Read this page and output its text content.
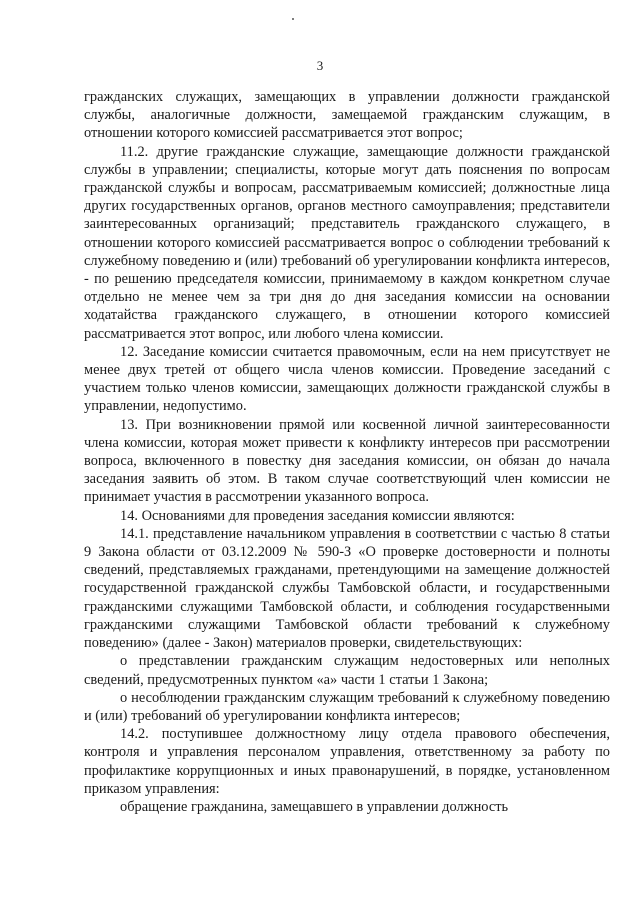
3

гражданских служащих, замещающих в управлении должности гражданской службы, аналогичные должности, замещаемой гражданским служащим, в отношении которого комиссией рассматривается этот вопрос;

11.2. другие гражданские служащие, замещающие должности гражданской службы в управлении; специалисты, которые могут дать пояснения по вопросам гражданской службы и вопросам, рассматриваемым комиссией; должностные лица других государственных органов, органов местного самоуправления; представители заинтересованных организаций; представитель гражданского служащего, в отношении которого комиссией рассматривается вопрос о соблюдении требований к служебному поведению и (или) требований об урегулировании конфликта интересов, - по решению председателя комиссии, принимаемому в каждом конкретном случае отдельно не менее чем за три дня до дня заседания комиссии на основании ходатайства гражданского служащего, в отношении которого комиссией рассматривается этот вопрос, или любого члена комиссии.

12. Заседание комиссии считается правомочным, если на нем присутствует не менее двух третей от общего числа членов комиссии. Проведение заседаний с участием только членов комиссии, замещающих должности гражданской службы в управлении, недопустимо.

13. При возникновении прямой или косвенной личной заинтересованности члена комиссии, которая может привести к конфликту интересов при рассмотрении вопроса, включенного в повестку дня заседания комиссии, он обязан до начала заседания заявить об этом. В таком случае соответствующий член комиссии не принимает участия в рассмотрении указанного вопроса.

14. Основаниями для проведения заседания комиссии являются:

14.1. представление начальником управления в соответствии с частью 8 статьи 9 Закона области от 03.12.2009 № 590-З «О проверке достоверности и полноты сведений, представляемых гражданами, претендующими на замещение должностей государственной гражданской службы Тамбовской области, и государственными гражданскими служащими Тамбовской области, и соблюдения государственными гражданскими служащими Тамбовской области требований к служебному поведению» (далее - Закон) материалов проверки, свидетельствующих:

о представлении гражданским служащим недостоверных или неполных сведений, предусмотренных пунктом «а» части 1 статьи 1 Закона;

о несоблюдении гражданским служащим требований к служебному поведению и (или) требований об урегулировании конфликта интересов;

14.2. поступившее должностному лицу отдела правового обеспечения, контроля и управления персоналом управления, ответственному за работу по профилактике коррупционных и иных правонарушений, в порядке, установленном приказом управления:

обращение гражданина, замещавшего в управлении должность
